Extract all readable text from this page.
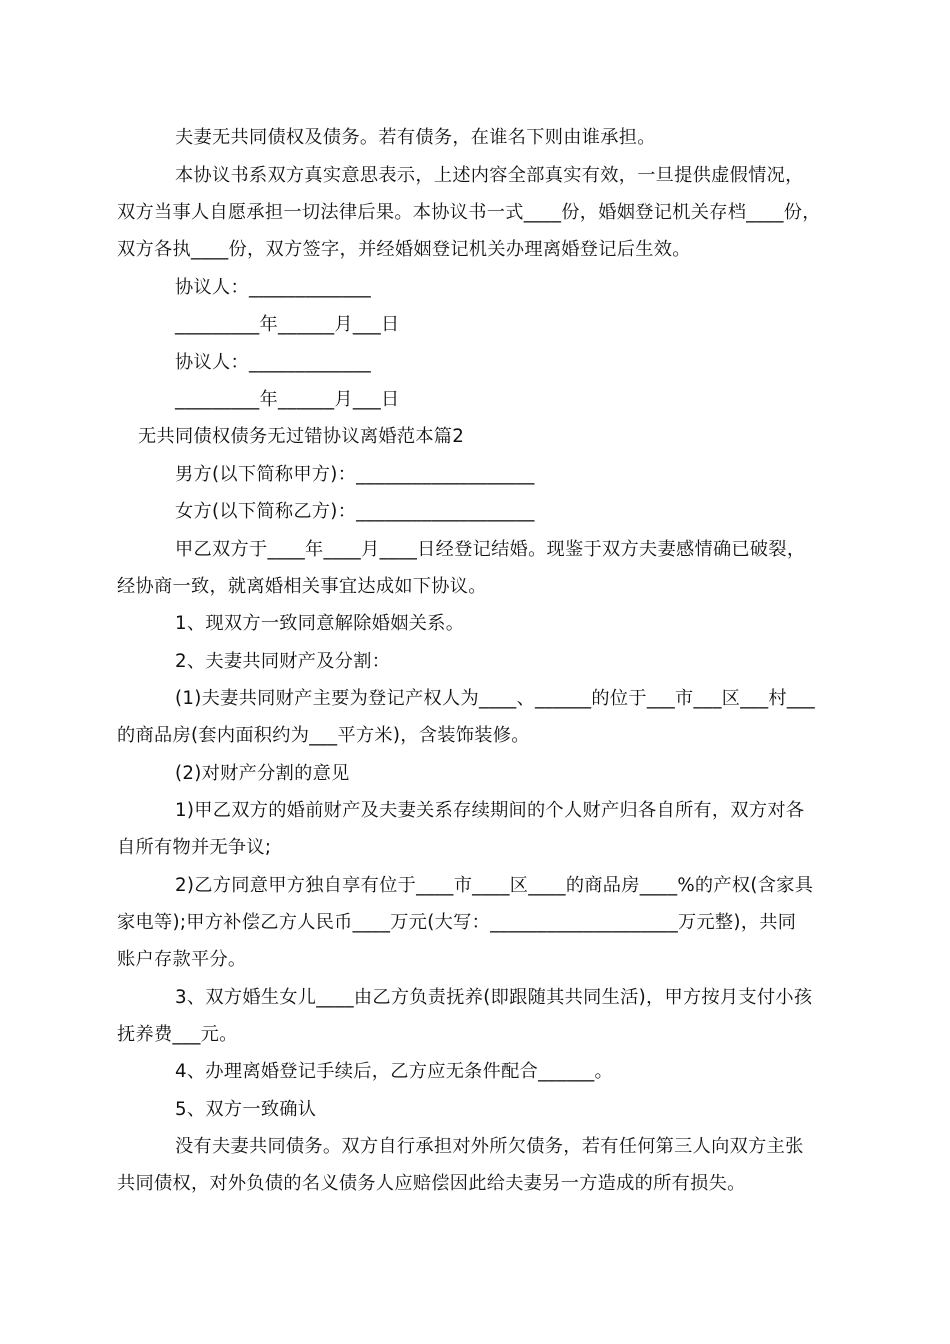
夫妻无共同债权及债务。若有债务，在谁名下则由谁承担。
本协议书系双方真实意思表示，上述内容全部真实有效，一旦提供虚假情况，
双方当事人自愿承担一切法律后果。本协议书一式____份，婚姻登记机关存档____份，
双方各执____份，双方签字，并经婚姻登记机关办理离婚登记后生效。
协议人：_____________
_________年______月___日
协议人：_____________
_________年______月___日
无共同债权债务无过错协议离婚范本篇2
男方(以下简称甲方)：___________________
女方(以下简称乙方)：___________________
甲乙双方于____年____月____日经登记结婚。现鉴于双方夫妻感情确已破裂，
经协商一致，就离婚相关事宜达成如下协议。
1、现双方一致同意解除婚姻关系。
2、夫妻共同财产及分割：
(1)夫妻共同财产主要为登记产权人为____、______的位于___市___区___村___
的商品房(套内面积约为___平方米)，含装饰装修。
(2)对财产分割的意见
1)甲乙双方的婚前财产及夫妻关系存续期间的个人财产归各自所有，双方对各
自所有物并无争议;
2)乙方同意甲方独自享有位于____市____区____的商品房____%的产权(含家具
家电等);甲方补偿乙方人民币____万元(大写：____________________万元整)，共同
账户存款平分。
3、双方婚生女儿____由乙方负责抚养(即跟随其共同生活)，甲方按月支付小孩
抚养费___元。
4、办理离婚登记手续后，乙方应无条件配合______。
5、双方一致确认
没有夫妻共同债务。双方自行承担对外所欠债务，若有任何第三人向双方主张
共同债权，对外负债的名义债务人应赔偿因此给夫妻另一方造成的所有损失。
